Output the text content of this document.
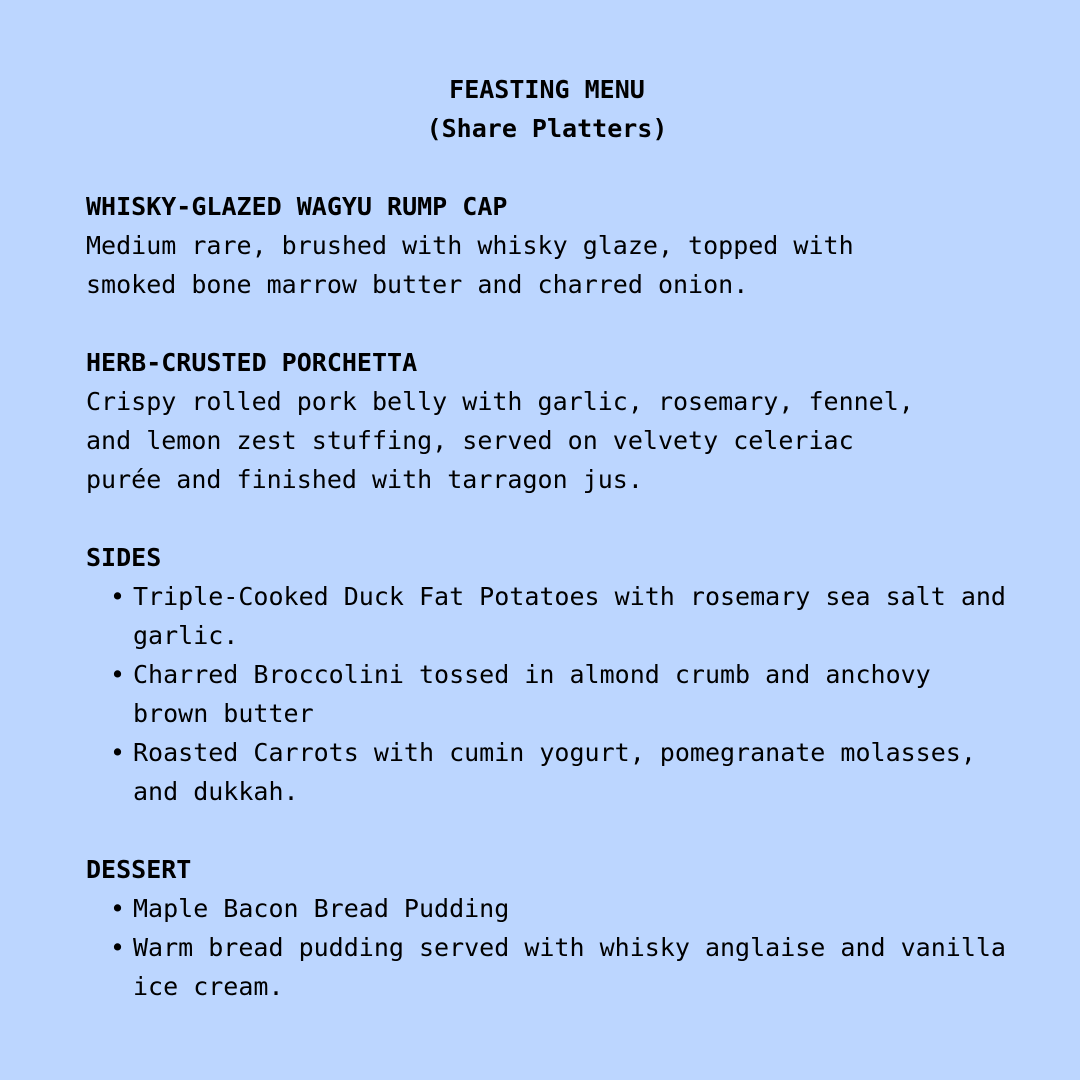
FEASTING MENU
(Share Platters)
WHISKY-GLAZED WAGYU RUMP CAP
Medium rare, brushed with whisky glaze, topped with
smoked bone marrow butter and charred onion.
HERB-CRUSTED PORCHETTA
Crispy rolled pork belly with garlic, rosemary, fennel,
and lemon zest stuffing, served on velvety celeriac
purée and finished with tarragon jus.
SIDES
• Triple-Cooked Duck Fat Potatoes with rosemary sea salt and garlic.
• Charred Broccolini tossed in almond crumb and anchovy brown butter
• Roasted Carrots with cumin yogurt, pomegranate molasses, and dukkah.
DESSERT
• Maple Bacon Bread Pudding
• Warm bread pudding served with whisky anglaise and vanilla ice cream.
